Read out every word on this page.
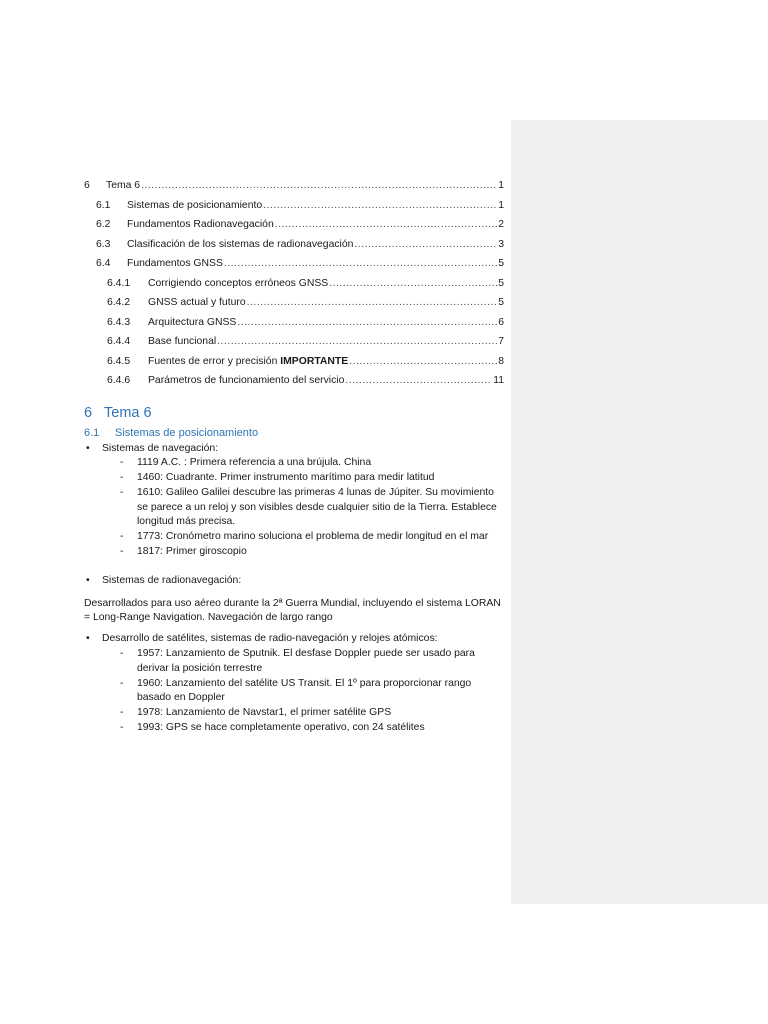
6	Tema 6 .....	1
6.1	Sistemas de posicionamiento .....	1
6.2	Fundamentos Radionavegación .....	2
6.3	Clasificación de los sistemas de radionavegación .....	3
6.4	Fundamentos GNSS .....	5
6.4.1	Corrigiendo conceptos erróneos GNSS .....	5
6.4.2	GNSS actual y futuro .....	5
6.4.3	Arquitectura GNSS .....	6
6.4.4	Base funcional .....	7
6.4.5	Fuentes de error y precisión IMPORTANTE .....	8
6.4.6	Parámetros de funcionamiento del servicio .....	11
6 Tema 6
6.1	Sistemas de posicionamiento
• Sistemas de navegación:
- 1119 A.C. : Primera referencia a una brújula. China
- 1460: Cuadrante. Primer instrumento marítimo para medir latitud
- 1610: Galileo Galilei descubre las primeras 4 lunas de Júpiter. Su movimiento se parece a un reloj y son visibles desde cualquier sitio de la Tierra. Establece longitud más precisa.
- 1773: Cronómetro marino soluciona el problema de medir longitud en el mar
- 1817: Primer giroscopio
• Sistemas de radionavegación:
Desarrollados para uso aéreo durante la 2ª Guerra Mundial, incluyendo el sistema LORAN = Long-Range Navigation. Navegación de largo rango
• Desarrollo de satélites, sistemas de radio-navegación y relojes atómicos:
- 1957: Lanzamiento de Sputnik. El desfase Doppler puede ser usado para derivar la posición terrestre
- 1960: Lanzamiento del satélite US Transit. El 1º para proporcionar rango basado en Doppler
- 1978: Lanzamiento de Navstar1, el primer satélite GPS
- 1993: GPS se hace completamente operativo, con 24 satélites
